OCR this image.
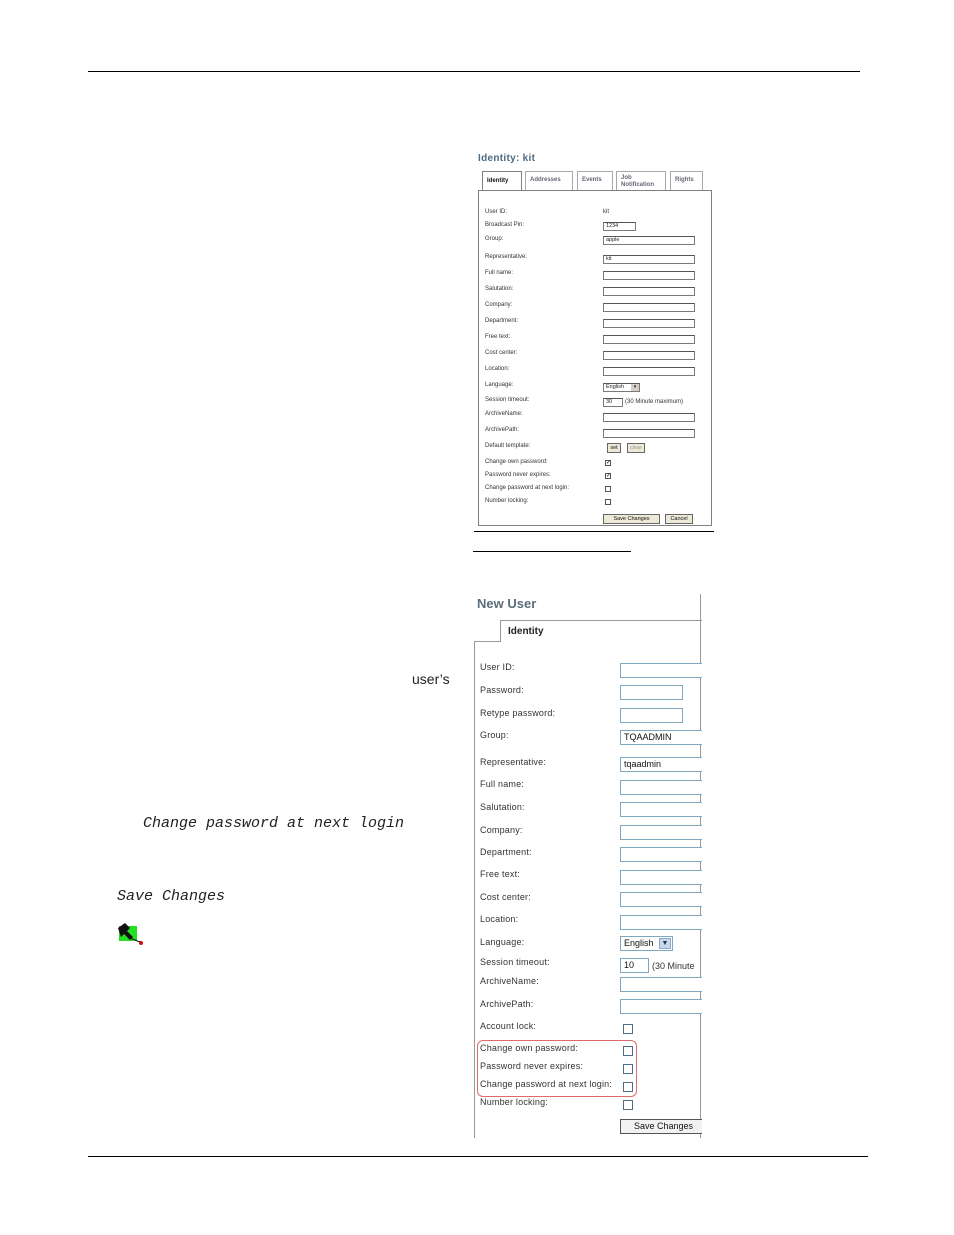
Identity: kit
Identity	Addresses	Events	Job Notification
Rights
User ID:	kit
Broadcast Pin:	1234
Group:	apple
Representative:	kit
Full name:
Salutation:
Company:
Department:
Free text:
Cost center:
Location:
Language:	English	▾
Session timeout:	30	(30 Minute maximum)
ArchiveName:
ArchivePath:
Default template:	set	clear
Change own password:	✓
Password never expires:	✓
Change password at next login:
Number locking:
Save Changes	Cancel
New User
Identity
User ID:
Password:
Retype password:
Group:	TQAADMIN
Representative:	tqaadmin
Full name:
Salutation:
Company:
Department:
Free text:
Cost center:
Location:
Language:	English	▼
Session timeout:	10	(30 Minute
ArchiveName:
ArchivePath:
Account lock:
Change own password:
Password never expires:
Change password at next login:
Number locking:
Save Changes
user’s
Change password at next login
Save Changes
